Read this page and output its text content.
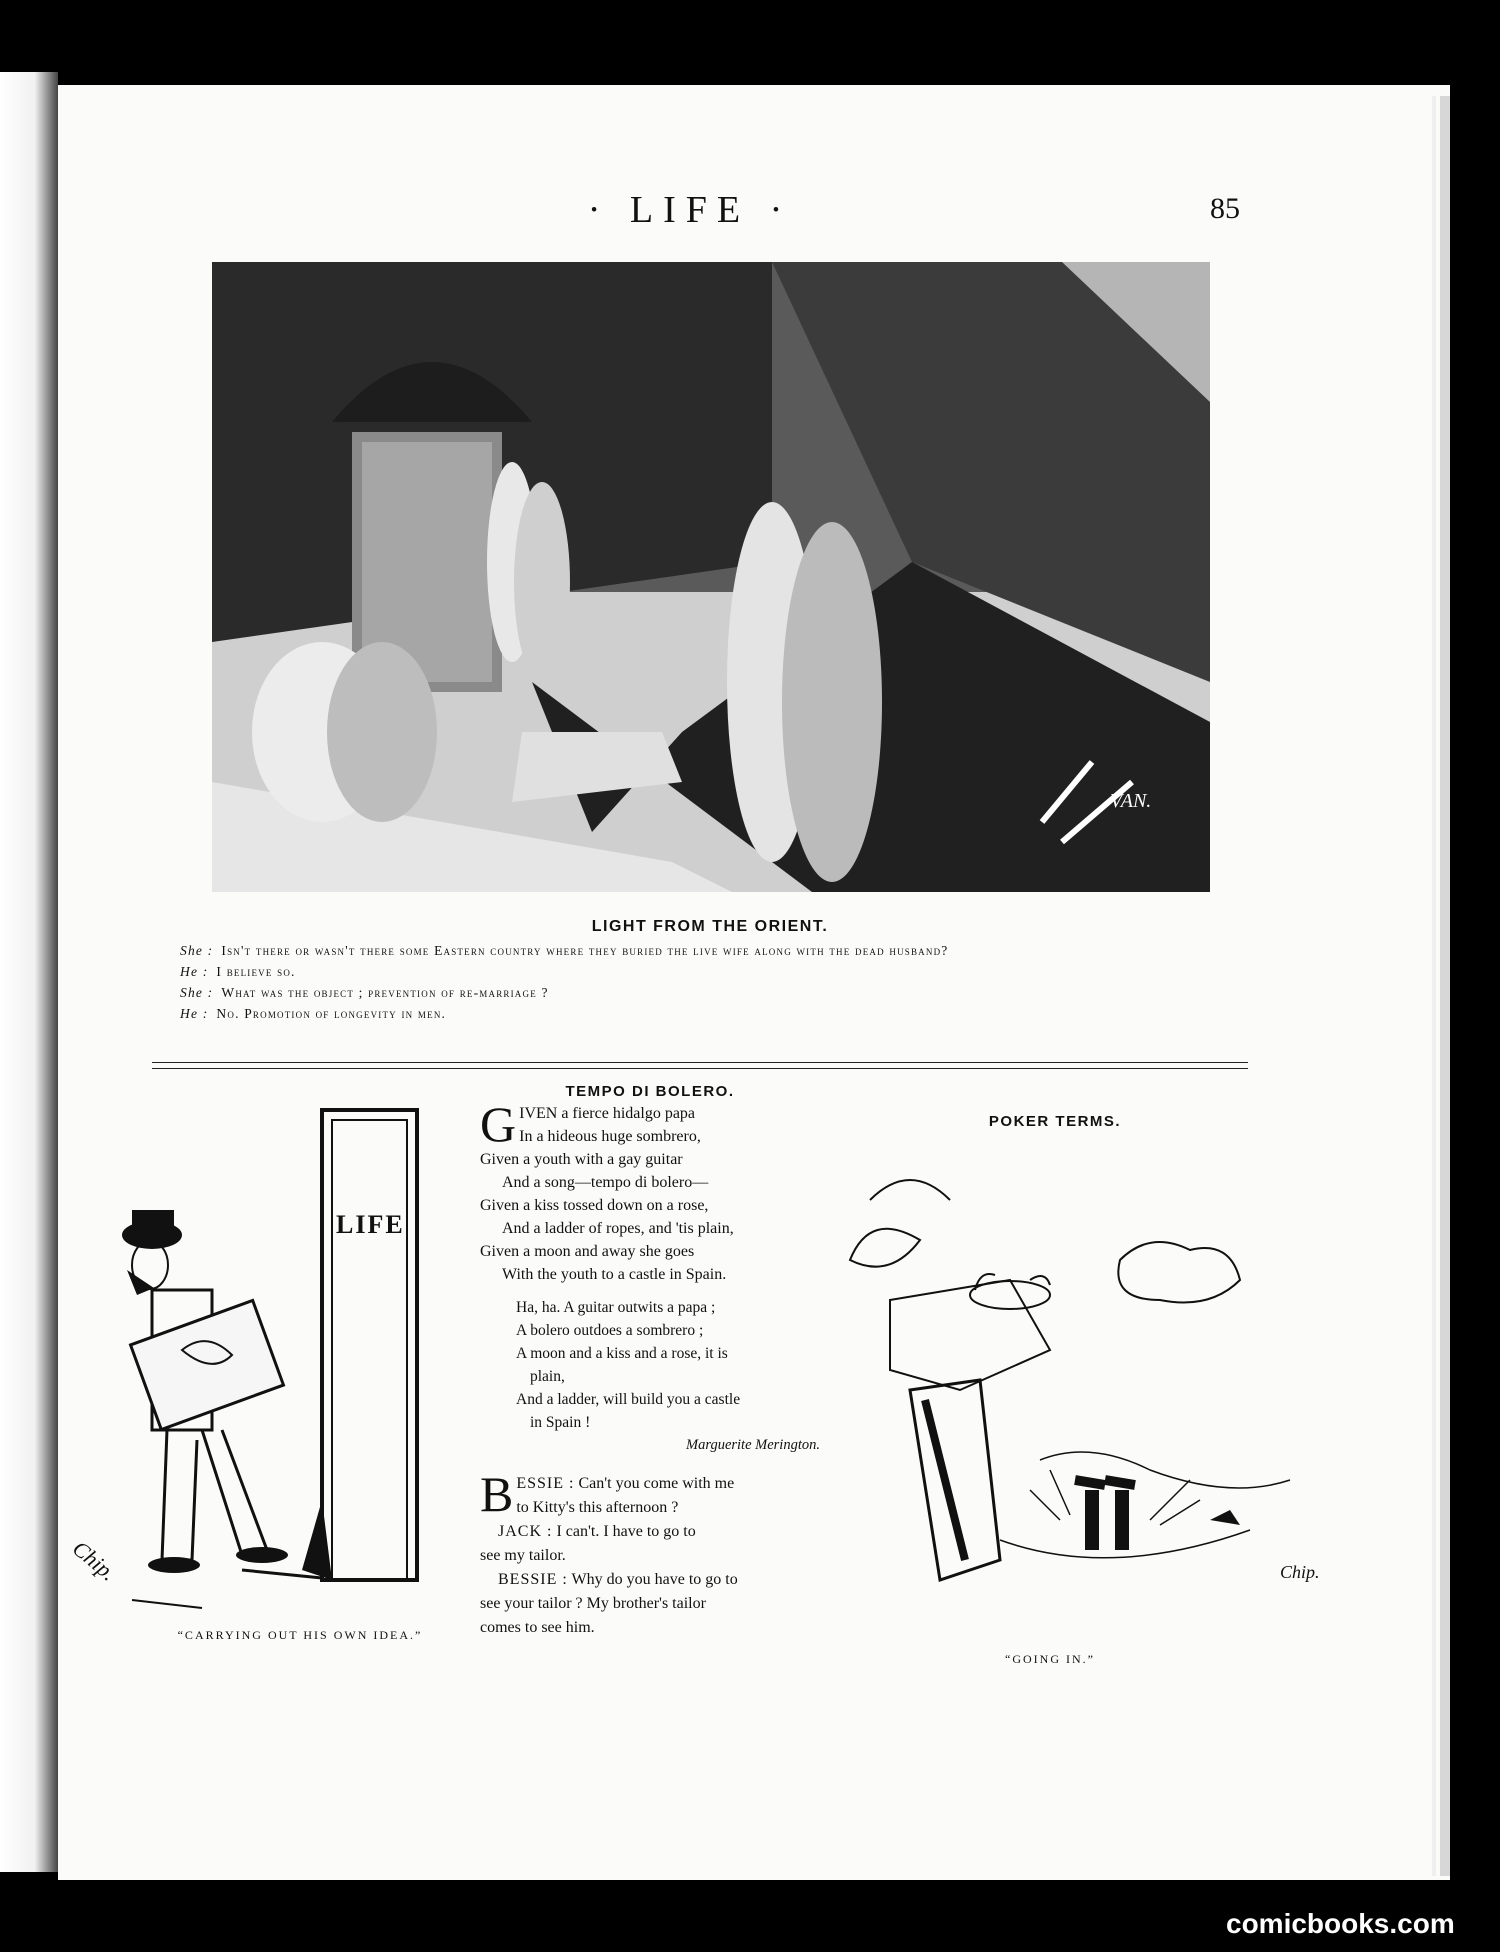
· LIFE ·	85
VAN.
LIGHT FROM THE ORIENT.
She : Isn't there or wasn't there some Eastern country where they buried the live wife along with the dead husband?
He : I believe so.
She : What was the object ; prevention of re-marriage ?
He : No. Promotion of longevity in men.
LIFE
Chip.
“CARRYING OUT HIS OWN IDEA.”
TEMPO DI BOLERO.
G IVEN a fierce hidalgo papa
In a hideous huge sombrero,
Given a youth with a gay guitar
And a song—tempo di bolero—
Given a kiss tossed down on a rose,
And a ladder of ropes, and 'tis plain,
Given a moon and away she goes
With the youth to a castle in Spain.
Ha, ha. A guitar outwits a papa ;
A bolero outdoes a sombrero ;
A moon and a kiss and a rose, it is
plain,
And a ladder, will build you a castle
in Spain !
Marguerite Merington.
B ESSIE : Can't you come with me
to Kitty's this afternoon ?
JACK : I can't. I have to go to
see my tailor.
BESSIE : Why do you have to go to
see your tailor ? My brother's tailor
comes to see him.
POKER TERMS.
Chip.
“GOING IN.”
comicbooks.com
